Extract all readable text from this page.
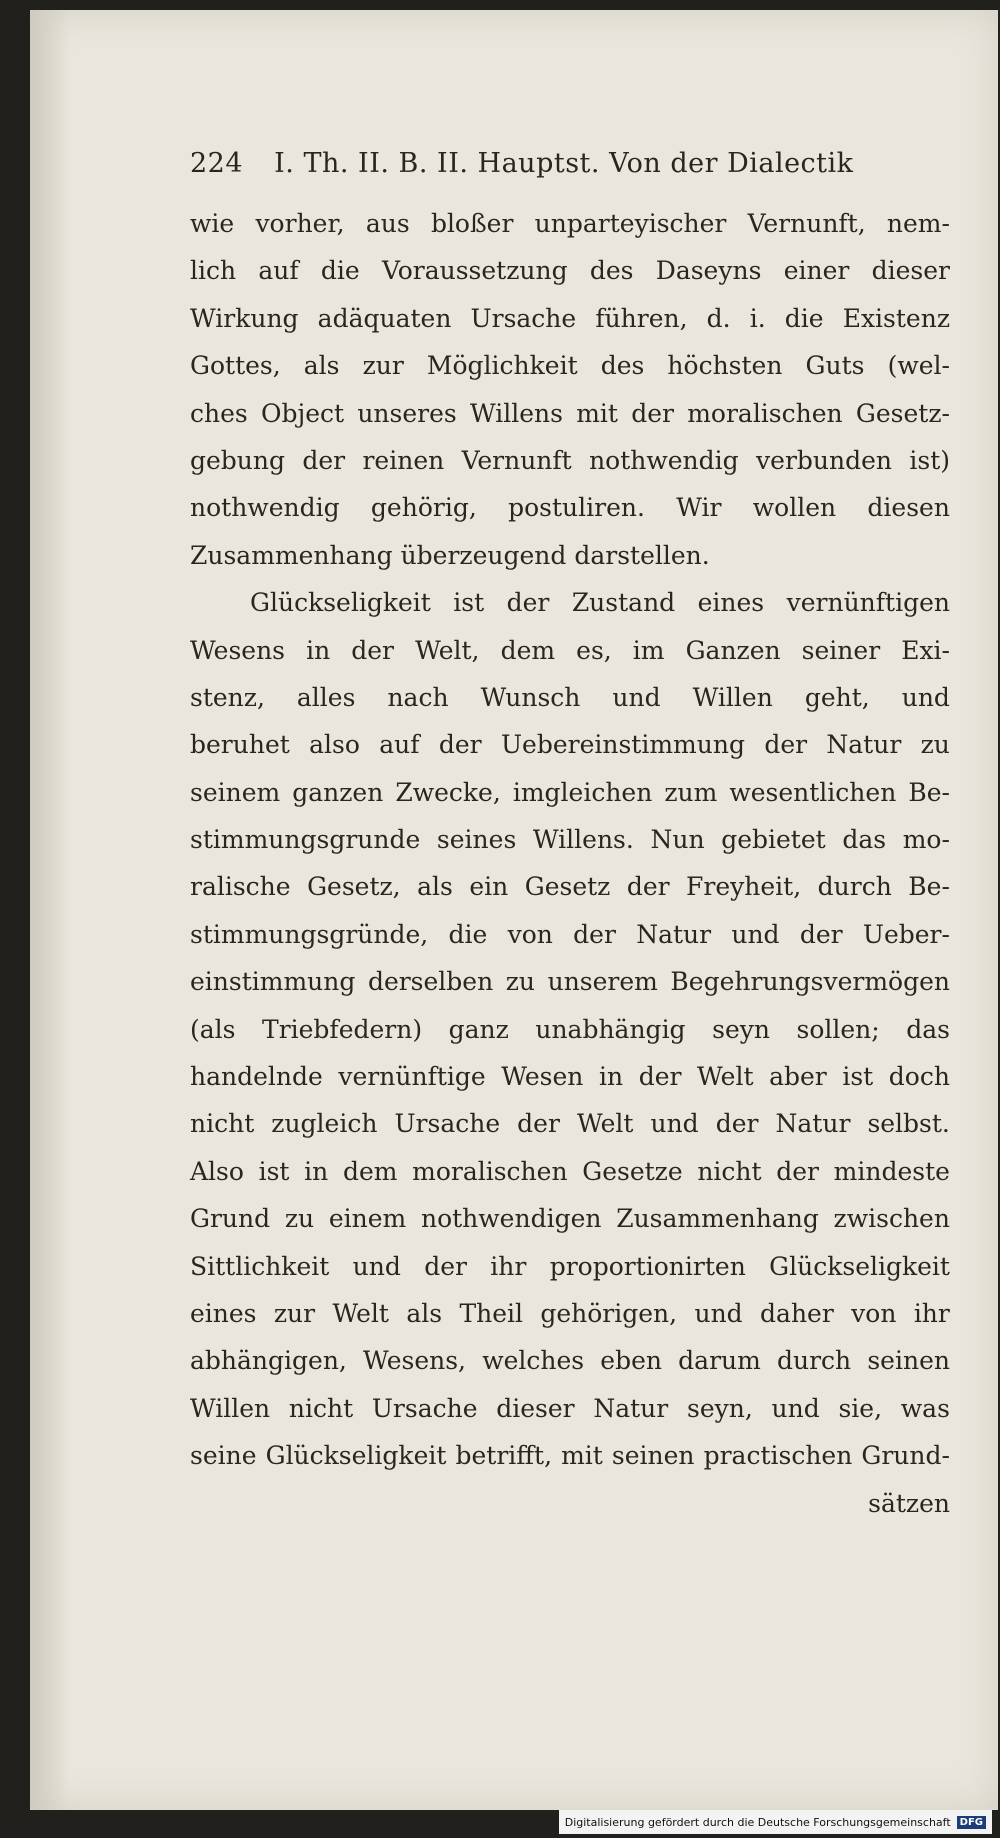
224 I. Th. II. B. II. Hauptst. Von der Dialectik
wie vorher, aus bloßer unparteyischer Vernunft, nem-
lich auf die Voraussetzung des Daseyns einer dieser
Wirkung adäquaten Ursache führen, d. i. die Existenz
Gottes, als zur Möglichkeit des höchsten Guts (wel-
ches Object unseres Willens mit der moralischen Gesetz-
gebung der reinen Vernunft nothwendig verbunden ist)
nothwendig gehörig, postuliren. Wir wollen diesen
Zusammenhang überzeugend darstellen.
Glückseligkeit ist der Zustand eines vernünftigen
Wesens in der Welt, dem es, im Ganzen seiner Exi-
stenz, alles nach Wunsch und Willen geht, und
beruhet also auf der Uebereinstimmung der Natur zu
seinem ganzen Zwecke, imgleichen zum wesentlichen Be-
stimmungsgrunde seines Willens. Nun gebietet das mo-
ralische Gesetz, als ein Gesetz der Freyheit, durch Be-
stimmungsgründe, die von der Natur und der Ueber-
einstimmung derselben zu unserem Begehrungsvermögen
(als Triebfedern) ganz unabhängig seyn sollen; das
handelnde vernünftige Wesen in der Welt aber ist doch
nicht zugleich Ursache der Welt und der Natur selbst.
Also ist in dem moralischen Gesetze nicht der mindeste
Grund zu einem nothwendigen Zusammenhang zwischen
Sittlichkeit und der ihr proportionirten Glückseligkeit
eines zur Welt als Theil gehörigen, und daher von ihr
abhängigen, Wesens, welches eben darum durch seinen
Willen nicht Ursache dieser Natur seyn, und sie, was
seine Glückseligkeit betrifft, mit seinen practischen Grund-
sätzen
Digitalisierung gefördert durch die Deutsche Forschungsgemeinschaft DFG
